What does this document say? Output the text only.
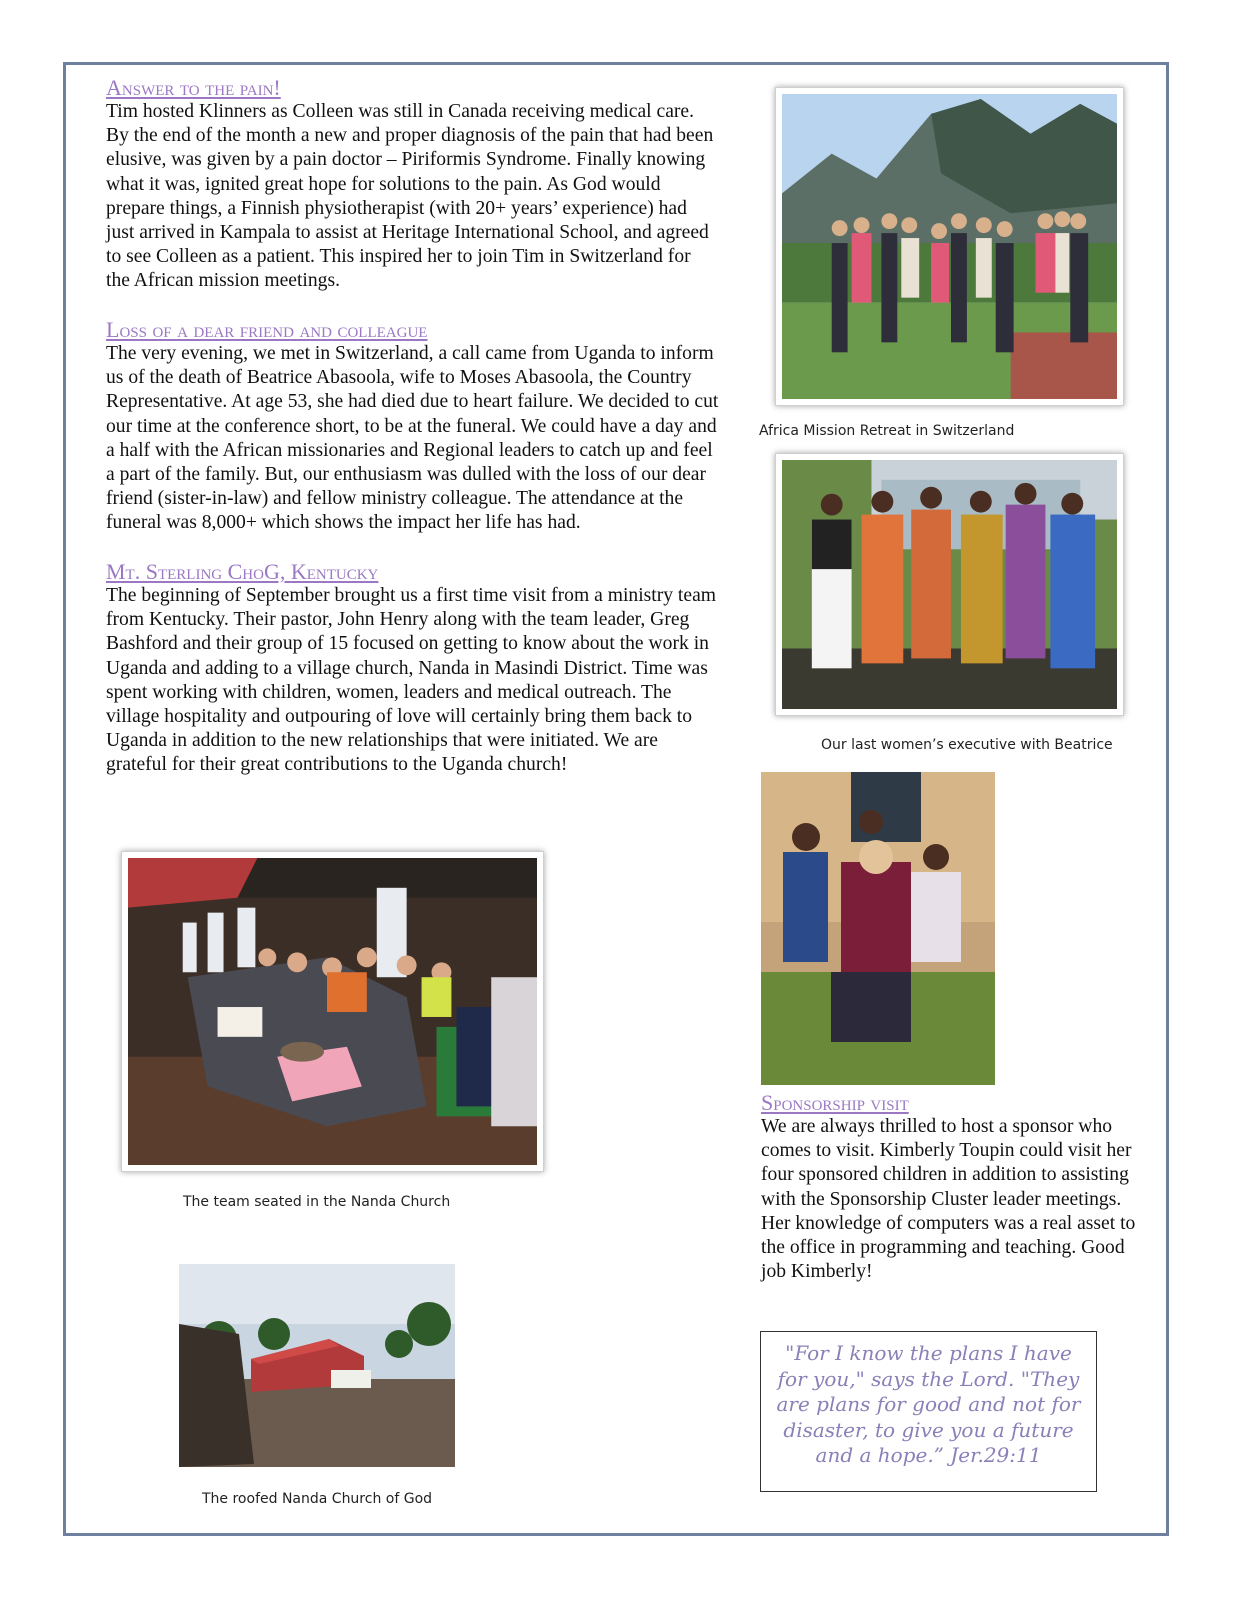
Answer to the pain!
Tim hosted Klinners as Colleen was still in Canada receiving medical care. By the end of the month a new and proper diagnosis of the pain that had been elusive, was given by a pain doctor – Piriformis Syndrome. Finally knowing what it was, ignited great hope for solutions to the pain. As God would prepare things, a Finnish physiotherapist (with 20+ years’ experience) had just arrived in Kampala to assist at Heritage International School, and agreed to see Colleen as a patient. This inspired her to join Tim in Switzerland for the African mission meetings.
Loss of a dear friend and colleague
The very evening, we met in Switzerland, a call came from Uganda to inform us of the death of Beatrice Abasoola, wife to Moses Abasoola, the Country Representative. At age 53, she had died due to heart failure. We decided to cut our time at the conference short, to be at the funeral. We could have a day and a half with the African missionaries and Regional leaders to catch up and feel a part of the family. But, our enthusiasm was dulled with the loss of our dear friend (sister-in-law) and fellow ministry colleague. The attendance at the funeral was 8,000+ which shows the impact her life has had.
Mt. Sterling ChoG, Kentucky
The beginning of September brought us a first time visit from a ministry team from Kentucky. Their pastor, John Henry along with the team leader, Greg Bashford and their group of 15 focused on getting to know about the work in Uganda and adding to a village church, Nanda in Masindi District. Time was spent working with children, women, leaders and medical outreach. The village hospitality and outpouring of love will certainly bring them back to Uganda in addition to the new relationships that were initiated. We are grateful for their great contributions to the Uganda church!
Africa Mission Retreat in Switzerland
Our last women’s executive with Beatrice
The team seated in the Nanda Church
The roofed Nanda Church of God
Sponsorship visit
We are always thrilled to host a sponsor who comes to visit. Kimberly Toupin could visit her four sponsored children in addition to assisting with the Sponsorship Cluster leader meetings. Her knowledge of computers was a real asset to the office in programming and teaching. Good job Kimberly!
"For I know the plans I have for you," says the Lord. "They are plans for good and not for disaster, to give you a future and a hope.” Jer.29:11
